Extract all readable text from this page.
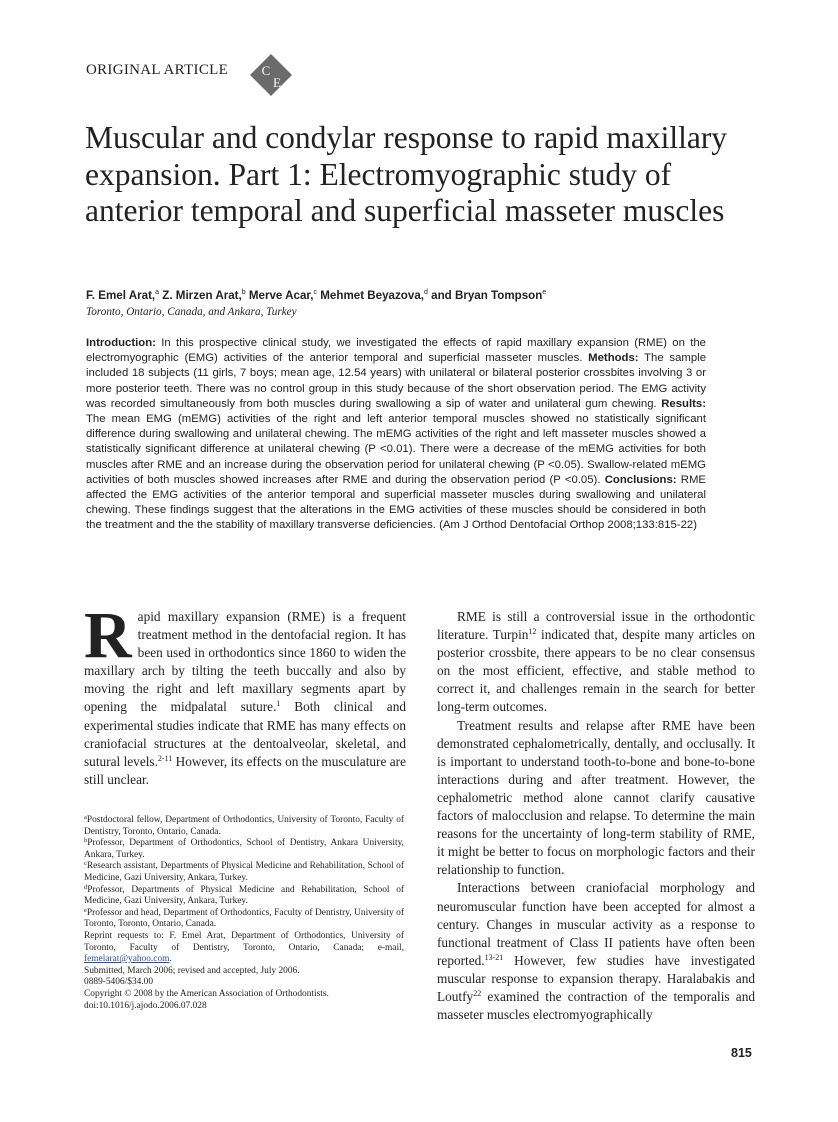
ORIGINAL ARTICLE	C
E
Muscular and condylar response to rapid maxillary expansion. Part 1: Electromyographic study of anterior temporal and superficial masseter muscles
F. Emel Arat,$^a$ Z. Mirzen Arat,$^b$ Merve Acar,$^c$ Mehmet Beyazova,$^d$ and Bryan Tompson$^e$
Toronto, Ontario, Canada, and Ankara, Turkey

Introduction: In this prospective clinical study, we investigated the effects of rapid maxillary expansion (RME) on the electromyographic (EMG) activities of the anterior temporal and superficial masseter muscles. Methods: The sample included 18 subjects (11 girls, 7 boys; mean age, 12.54 years) with unilateral or bilateral posterior crossbites involving 3 or more posterior teeth. There was no control group in this study because of the short observation period. The EMG activity was recorded simultaneously from both muscles during swallowing a sip of water and unilateral gum chewing. Results: The mean EMG (mEMG) activities of the right and left anterior temporal muscles showed no statistically significant difference during swallowing and unilateral chewing. The mEMG activities of the right and left masseter muscles showed a statistically significant difference at unilateral chewing (P <0.01). There were a decrease of the mEMG activities for both muscles after RME and an increase during the observation period for unilateral chewing (P <0.05). Swallow-related mEMG activities of both muscles showed increases after RME and during the observation period (P <0.05). Conclusions: RME affected the EMG activities of the anterior temporal and superficial masseter muscles during swallowing and unilateral chewing. These findings suggest that the alterations in the EMG activities of these muscles should be considered in both the treatment and the the stability of maxillary transverse deficiencies. (Am J Orthod Dentofacial Orthop 2008;133:815-22)

Rapid maxillary expansion (RME) is a frequent treatment method in the dentofacial region. It has been used in orthodontics since 1860 to widen the maxillary arch by tilting the teeth buccally and also by moving the right and left maxillary segments apart by opening the midpalatal suture.$^1$ Both clinical and experimental studies indicate that RME has many effects on craniofacial structures at the dentoalveolar, skeletal, and sutural levels.$^{2-11}$ However, its effects on the musculature are still unclear.

$^a$Postdoctoral fellow, Department of Orthodontics, University of Toronto, Faculty of Dentistry, Toronto, Ontario, Canada.

$^b$Professor, Department of Orthodontics, School of Dentistry, Ankara University, Ankara, Turkey.

$^c$Research assistant, Departments of Physical Medicine and Rehabilitation, School of Medicine, Gazi University, Ankara, Turkey.

$^d$Professor, Departments of Physical Medicine and Rehabilitation, School of Medicine, Gazi University, Ankara, Turkey.

$^e$Professor and head, Department of Orthodontics, Faculty of Dentistry, University of Toronto, Toronto, Ontario, Canada.

Reprint requests to: F. Emel Arat, Department of Orthodontics, University of Toronto, Faculty of Dentistry, Toronto, Ontario, Canada; e-mail, femelarat@yahoo.com.

Submitted, March 2006; revised and accepted, July 2006.

0889-5406/$34.00

Copyright © 2008 by the American Association of Orthodontists.

doi:10.1016/j.ajodo.2006.07.028

RME is still a controversial issue in the orthodontic literature. Turpin$^{12}$ indicated that, despite many articles on posterior crossbite, there appears to be no clear consensus on the most efficient, effective, and stable method to correct it, and challenges remain in the search for better long-term outcomes.

Treatment results and relapse after RME have been demonstrated cephalometrically, dentally, and occlusally. It is important to understand tooth-to-bone and bone-to-bone interactions during and after treatment. However, the cephalometric method alone cannot clarify causative factors of malocclusion and relapse. To determine the main reasons for the uncertainty of long-term stability of RME, it might be better to focus on morphologic factors and their relationship to function.

Interactions between craniofacial morphology and neuromuscular function have been accepted for almost a century. Changes in muscular activity as a response to functional treatment of Class II patients have often been reported.$^{13-21}$ However, few studies have investigated muscular response to expansion therapy. Haralabakis and Loutfy$^{22}$ examined the contraction of the temporalis and masseter muscles electromyographically

815
